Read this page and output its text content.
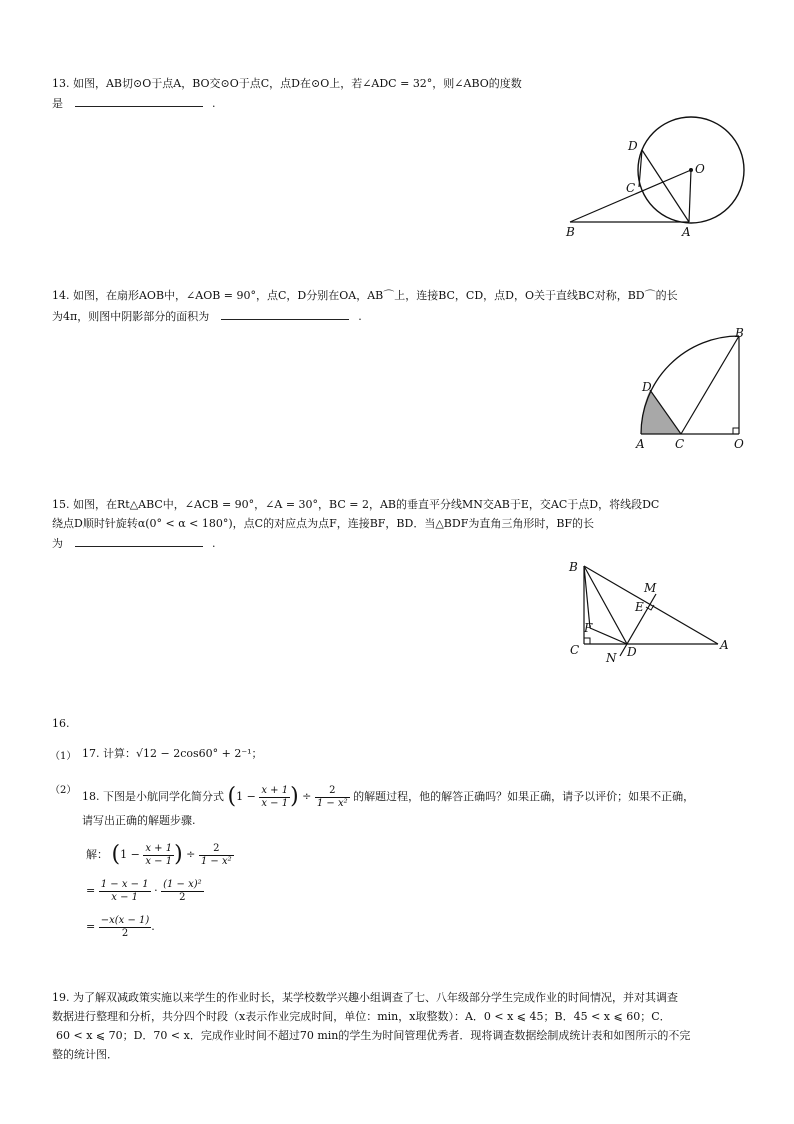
13. 如图，AB切⊙O于点A，BO交⊙O于点C，点D在⊙O上，若∠ADC = 32°，则∠ABO的度数
是	.
D
O
C
B	A
14. 如图，在扇形AOB中，∠AOB = 90°，点C，D分别在OA，AB⌒上，连接BC，CD，点D，O关于直线BC对称，BD⌒的长
为4π，则图中阴影部分的面积为	.
B
D
A	C	O
15. 如图，在Rt△ABC中，∠ACB = 90°，∠A = 30°，BC = 2，AB的垂直平分线MN交AB于E，交AC于点D，将线段DC
绕点D顺时针旋转α(0° < α < 180°)，点C的对应点为点F，连接BF，BD．当△BDF为直角三角形时，BF的长
为	.
B
M
E
F
C
N D	A
16.
（1） 17. 计算：√12 − 2cos60° + 2⁻¹；
（2） 18. 下图是小航同学化简分式 ($1 - \frac{x + 1}{x - 1}$ ) ÷ $\frac{2}{\text{1 − x²}}$ 的解题过程，他的解答正确吗？如果正确，请予以评价；如果不正确，
请写出正确的解题步骤.
解： ($1 - \frac{x + 1}{x - 1}$ ) ÷ $\frac{2}{\text{1 − x²}}$
= $\frac{1 - x - 1}{x - 1} \cdot \frac{\text{(1 − x)²}}{2}$
= $\frac{-x(x - 1)}{2}$ .
19. 为了解双减政策实施以来学生的作业时长，某学校数学兴趣小组调查了七、八年级部分学生完成作业的时间情况，并对其调查
数据进行整理和分析，共分四个时段（x表示作业完成时间，单位：min，x取整数）：A．0 < x ⩽ 45；B．45 < x ⩽ 60；C．
60 < x ⩽ 70；D．70 < x．完成作业时间不超过70 min的学生为时间管理优秀者．现将调查数据绘制成统计表和如图所示的不完
整的统计图．
